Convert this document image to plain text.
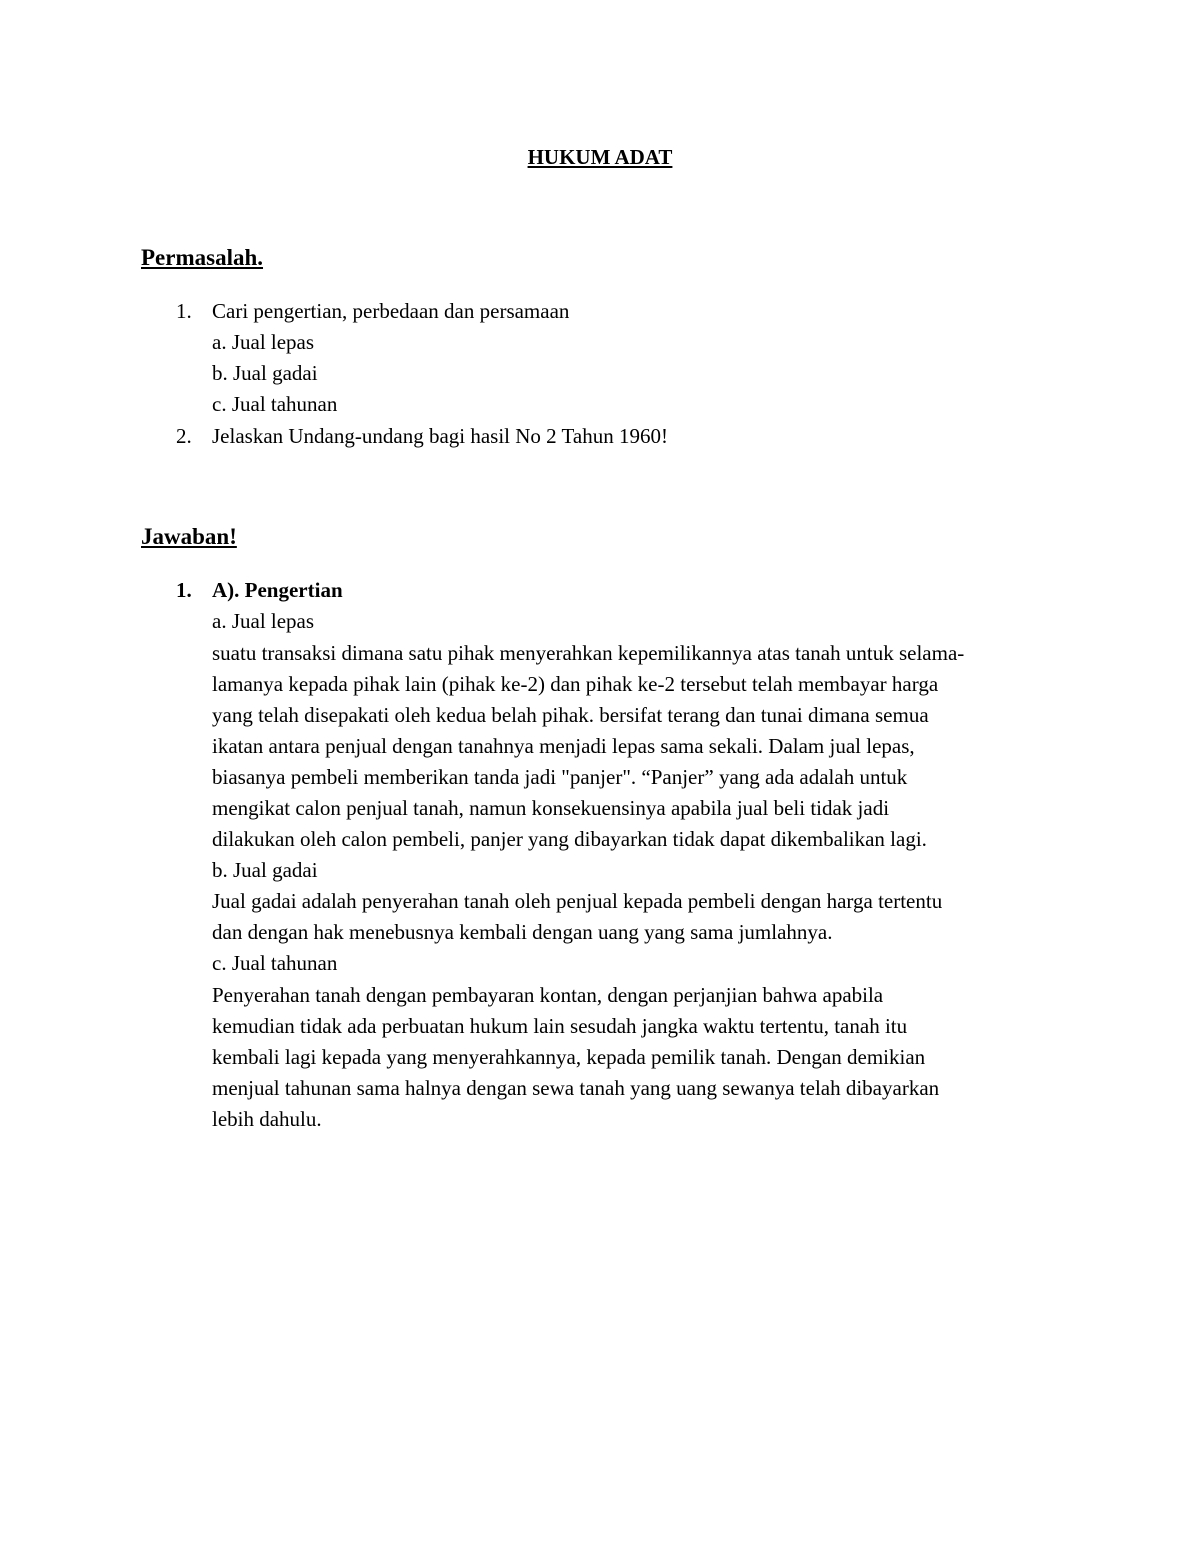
HUKUM ADAT
Permasalah.
1. Cari pengertian, perbedaan dan persamaan
a. Jual lepas
b. Jual gadai
c. Jual tahunan
2. Jelaskan Undang-undang bagi hasil No 2 Tahun 1960!
Jawaban!
1. A). Pengertian
a. Jual lepas
suatu transaksi dimana satu pihak menyerahkan kepemilikannya atas tanah untuk selama-
lamanya kepada pihak lain (pihak ke-2) dan pihak ke-2 tersebut telah membayar harga
yang telah disepakati oleh kedua belah pihak. bersifat terang dan tunai dimana semua
ikatan antara penjual dengan tanahnya menjadi lepas sama sekali. Dalam jual lepas,
biasanya pembeli memberikan tanda jadi "panjer". “Panjer” yang ada adalah untuk
mengikat calon penjual tanah, namun konsekuensinya apabila jual beli tidak jadi
dilakukan oleh calon pembeli, panjer yang dibayarkan tidak dapat dikembalikan lagi.
b. Jual gadai
Jual gadai adalah penyerahan tanah oleh penjual kepada pembeli dengan harga tertentu
dan dengan hak menebusnya kembali dengan uang yang sama jumlahnya.
c. Jual tahunan
Penyerahan tanah dengan pembayaran kontan, dengan perjanjian bahwa apabila
kemudian tidak ada perbuatan hukum lain sesudah jangka waktu tertentu, tanah itu
kembali lagi kepada yang menyerahkannya, kepada pemilik tanah. Dengan demikian
menjual tahunan sama halnya dengan sewa tanah yang uang sewanya telah dibayarkan
lebih dahulu.
